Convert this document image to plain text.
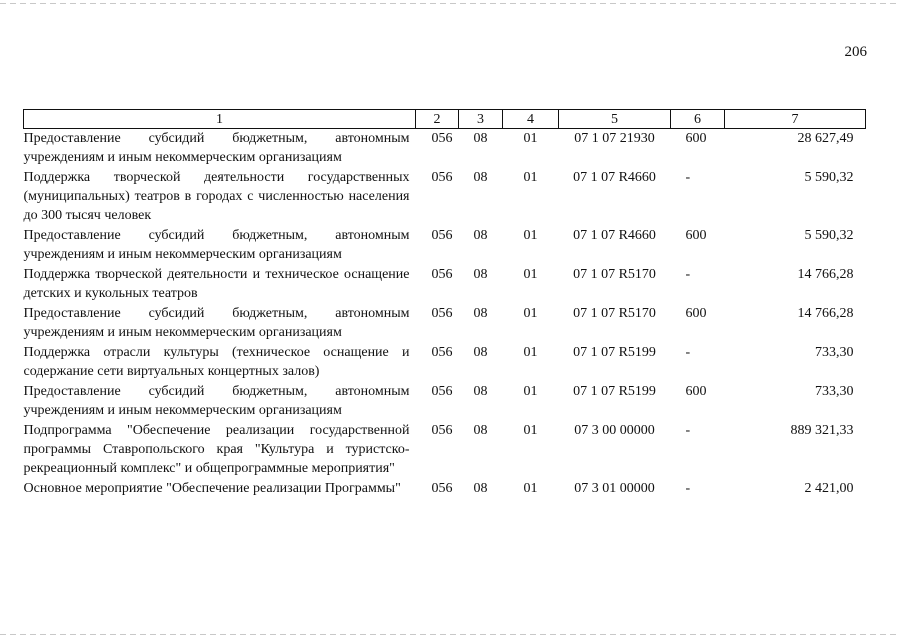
206
1	2	3	4	5	6	7
Предоставление субсидий бюджетным, автономным учреждениям и иным некоммерческим организациям	056	08	01	07 1 07 21930	600	28 627,49
Поддержка творческой деятельности государственных (муниципальных) театров в городах с численностью населения до 300 тысяч человек	056	08	01	07 1 07 R4660	-	5 590,32
Предоставление субсидий бюджетным, автономным учреждениям и иным некоммерческим организациям	056	08	01	07 1 07 R4660	600	5 590,32
Поддержка творческой деятельности и техническое оснащение детских и кукольных театров	056	08	01	07 1 07 R5170	-	14 766,28
Предоставление субсидий бюджетным, автономным учреждениям и иным некоммерческим организациям	056	08	01	07 1 07 R5170	600	14 766,28
Поддержка отрасли культуры (техническое оснащение и содержание сети виртуальных концертных залов)	056	08	01	07 1 07 R5199	-	733,30
Предоставление субсидий бюджетным, автономным учреждениям и иным некоммерческим организациям	056	08	01	07 1 07 R5199	600	733,30
Подпрограмма "Обеспечение реализации государственной программы Ставропольского края "Культура и туристско-рекреационный комплекс" и общепрограммные мероприятия"	056	08	01	07 3 00 00000	-	889 321,33
Основное мероприятие "Обеспечение реализации Программы"	056	08	01	07 3 01 00000	-	2 421,00
